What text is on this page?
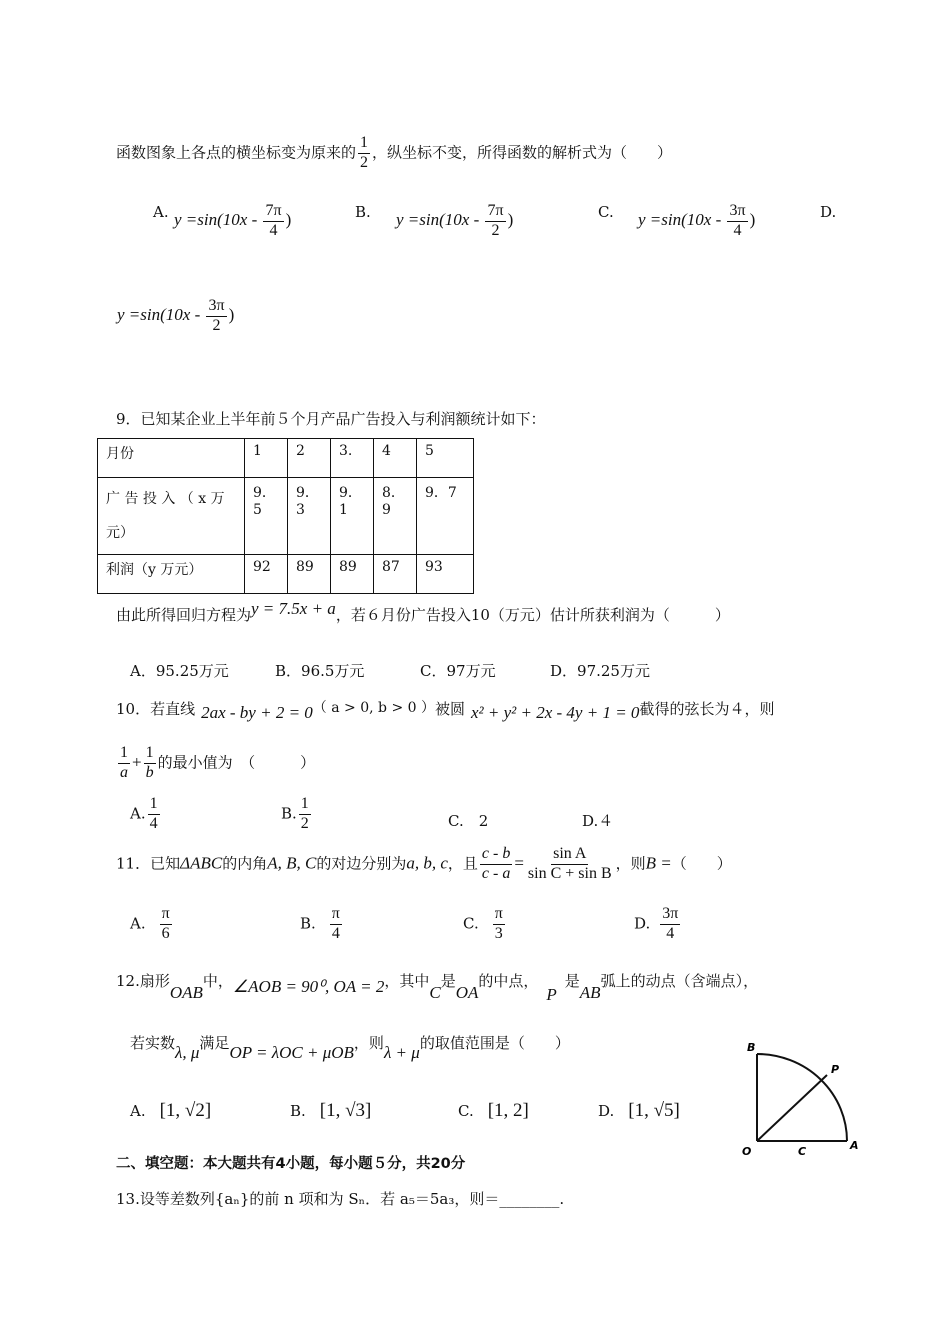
函数图象上各点的横坐标变为原来的 $\frac{1}{2}$ ，纵坐标不变，所得函数的解析式为（　　）
A. $y =\sin(10x - \frac{7\pi}{4}$ )	B. $y =\sin(10x - \frac{7\pi}{2}$ )	C. $y =\sin(10x - \frac{3\pi}{4}$ )	D.
$y =\sin(10x - \frac{3\pi}{2}$ )
9．已知某企业上半年前５个月产品广告投入与利润额统计如下：
月份	1	2	3.	4	5
广 告 投 入 （ x 万 元）	9．5	9．3	9．1	8．9	9．7
利润（y 万元）	92	89	89	87	93
由此所得回归方程为y = 7.5x + a，若６月份广告投入10（万元）估计所获利润为（　　　）
A．95.25万元	B．96.5万元	C．97万元	D．97.25万元
10．若直线 2ax - by + 2 = 0（ a > 0, b > 0 ）被圆 x² + y² + 2x - 4y + 1 = 0截得的弦长为４，则
$\frac{1}{a} + \frac{1}{b}$ 的最小值为　（　　　）
A. $\frac{1}{4}$	B. $\frac{1}{2}$	C.　2	D.４
11．已知ΔABC的内角A, B, C的对边分别为a, b, c，且 $\frac{c - b}{c - a} = \frac{\text{sin A}}{\text{sin C + sin B}}$ ，则B =（　　）
A. $\frac{\pi}{6}$	B. $\frac{\pi}{4}$	C. $\frac{\pi}{3}$	D. $\frac{3\pi}{4}$
12.扇形OAB中，∠AOB = 90⁰, OA = 2，其中C是OA的中点，P是AB弧上的动点（含端点），
若实数λ, μ满足OP = λOC + μOB，则λ + μ的取值范围是（　　）
A. [1, √2]	B. [1, √3]	C. [1, 2]	D. [1, √5]
B
P
O	C	A
二、填空题：本大题共有4小题，每小题５分，共20分
13.设等差数列{aₙ}的前 n 项和为 Sₙ．若 a₅＝5a₃，则＝________.
